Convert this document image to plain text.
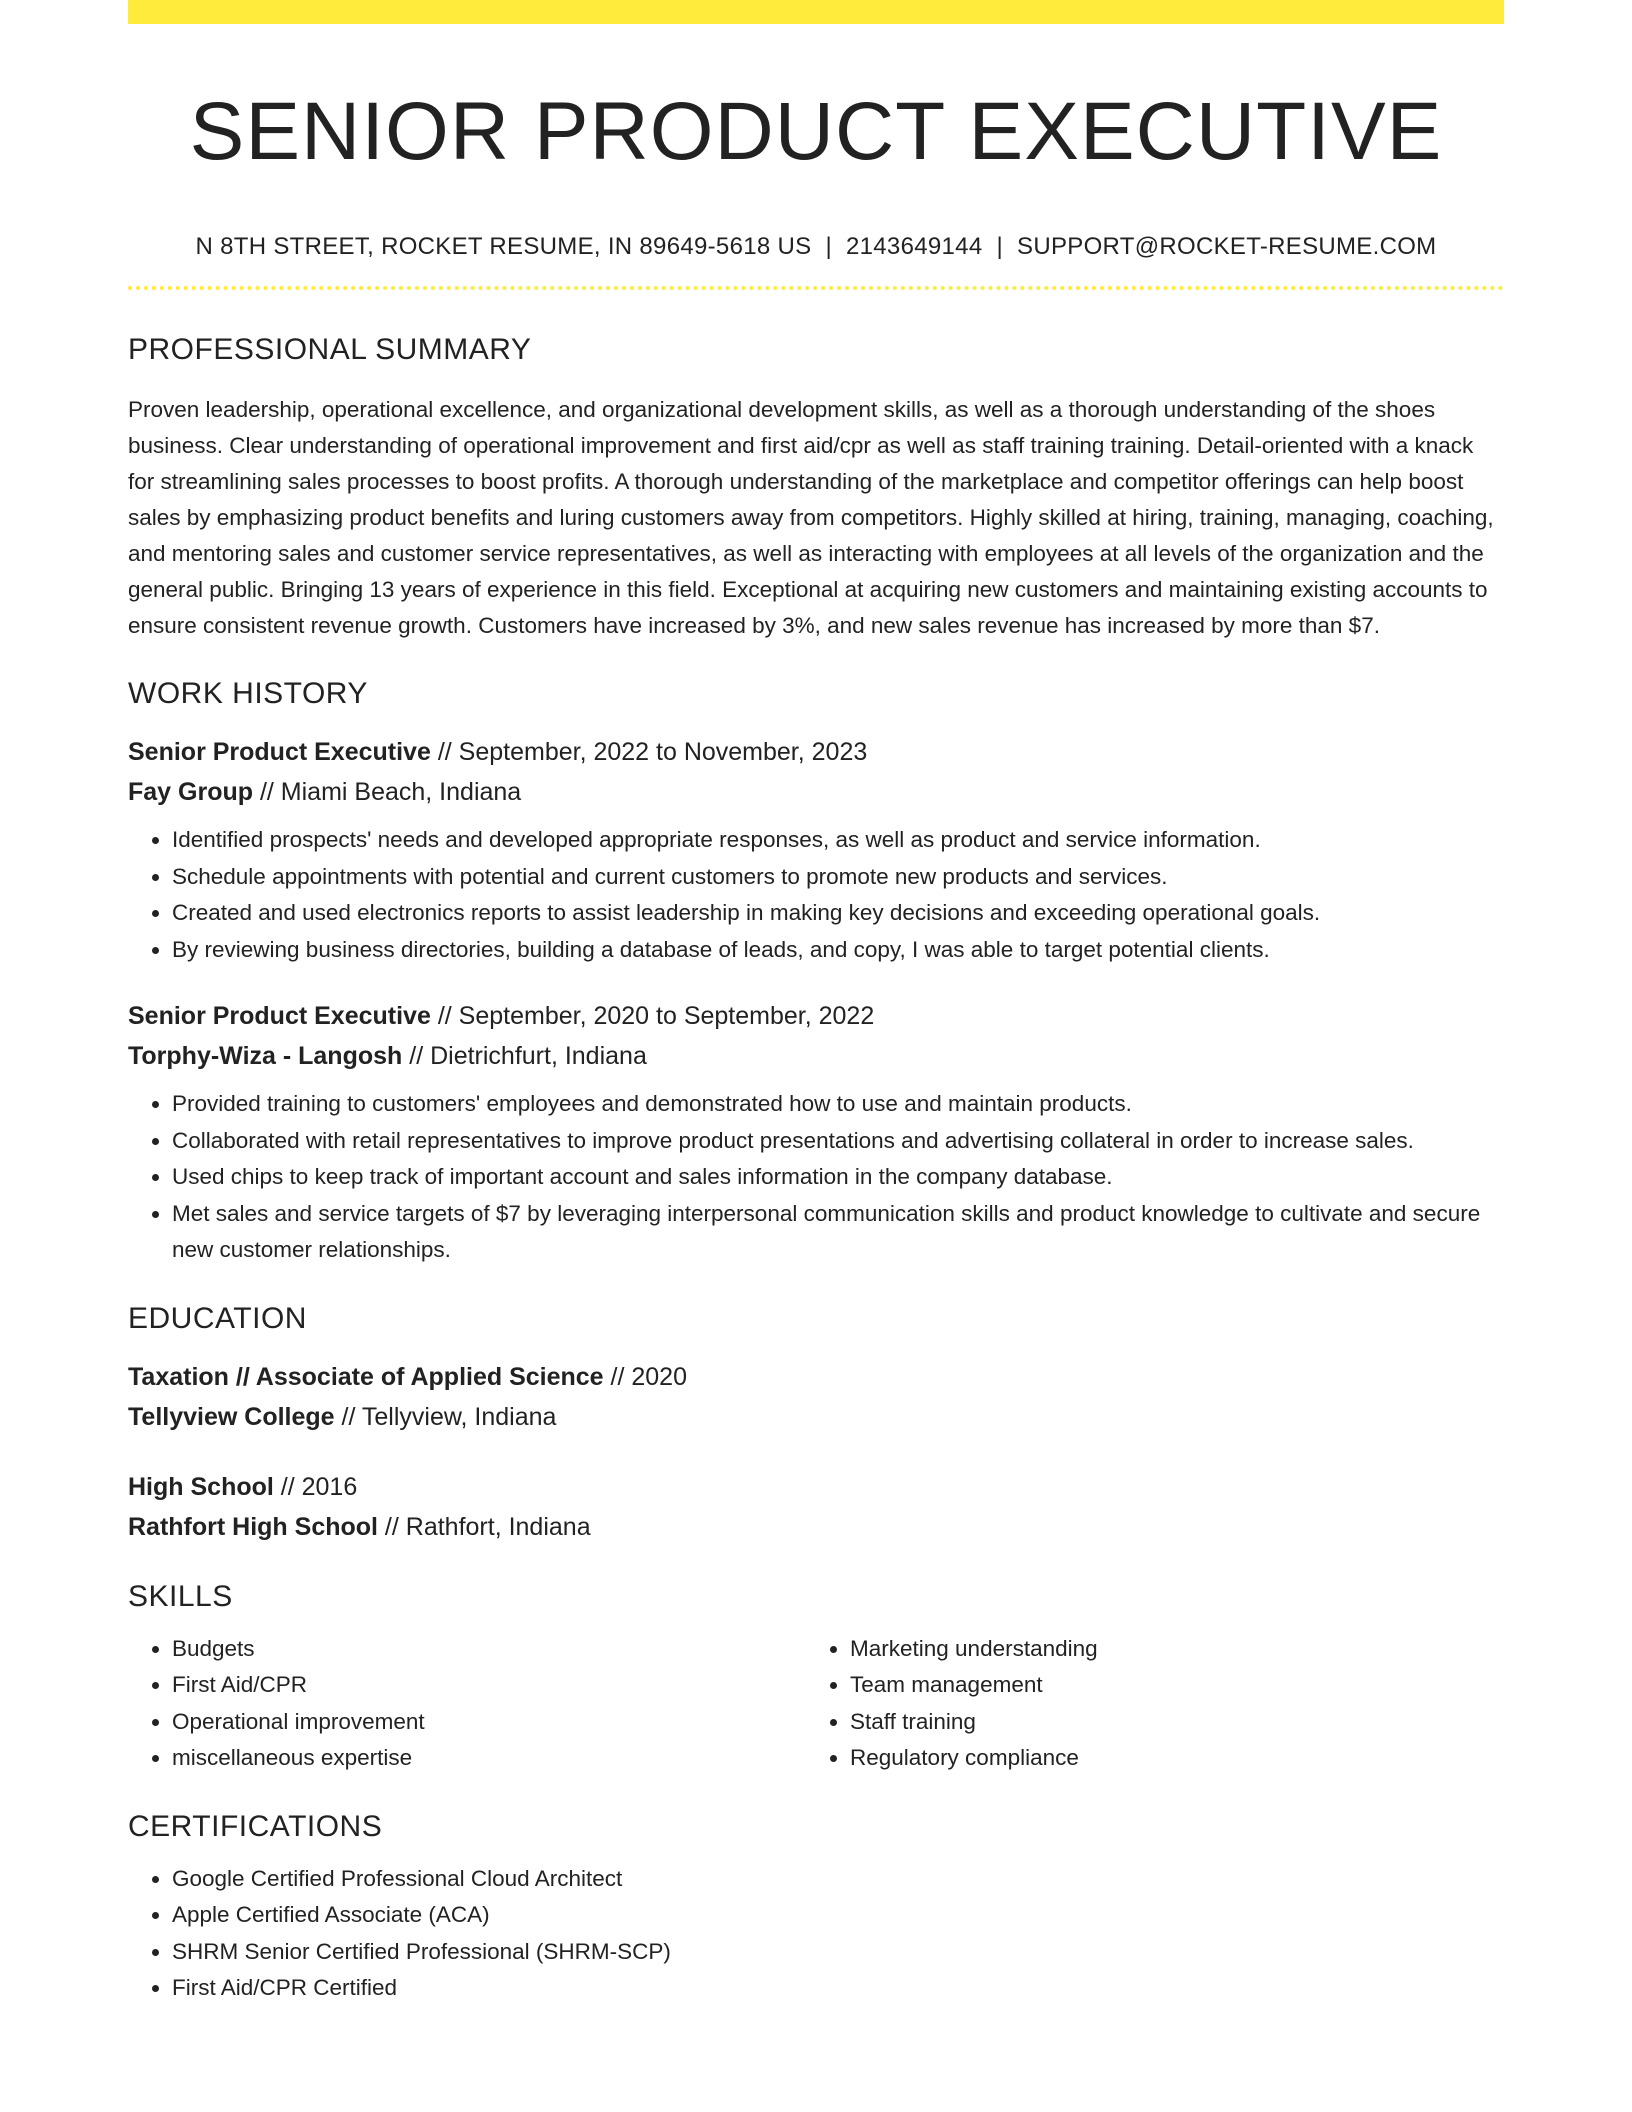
SENIOR PRODUCT EXECUTIVE
N 8TH STREET, ROCKET RESUME, IN 89649-5618 US | 2143649144 | SUPPORT@ROCKET-RESUME.COM
PROFESSIONAL SUMMARY
Proven leadership, operational excellence, and organizational development skills, as well as a thorough understanding of the shoes business. Clear understanding of operational improvement and first aid/cpr as well as staff training training. Detail-oriented with a knack for streamlining sales processes to boost profits. A thorough understanding of the marketplace and competitor offerings can help boost sales by emphasizing product benefits and luring customers away from competitors. Highly skilled at hiring, training, managing, coaching, and mentoring sales and customer service representatives, as well as interacting with employees at all levels of the organization and the general public. Bringing 13 years of experience in this field. Exceptional at acquiring new customers and maintaining existing accounts to ensure consistent revenue growth. Customers have increased by 3%, and new sales revenue has increased by more than $7.
WORK HISTORY
Senior Product Executive // September, 2022 to November, 2023
Fay Group // Miami Beach, Indiana
• Identified prospects' needs and developed appropriate responses, as well as product and service information.
• Schedule appointments with potential and current customers to promote new products and services.
• Created and used electronics reports to assist leadership in making key decisions and exceeding operational goals.
• By reviewing business directories, building a database of leads, and copy, I was able to target potential clients.
Senior Product Executive // September, 2020 to September, 2022
Torphy-Wiza - Langosh // Dietrichfurt, Indiana
• Provided training to customers' employees and demonstrated how to use and maintain products.
• Collaborated with retail representatives to improve product presentations and advertising collateral in order to increase sales.
• Used chips to keep track of important account and sales information in the company database.
• Met sales and service targets of $7 by leveraging interpersonal communication skills and product knowledge to cultivate and secure new customer relationships.
EDUCATION
Taxation // Associate of Applied Science // 2020
Tellyview College // Tellyview, Indiana
High School // 2016
Rathfort High School // Rathfort, Indiana
SKILLS
• Budgets
• First Aid/CPR
• Operational improvement
• miscellaneous expertise
• Marketing understanding
• Team management
• Staff training
• Regulatory compliance
CERTIFICATIONS
• Google Certified Professional Cloud Architect
• Apple Certified Associate (ACA)
• SHRM Senior Certified Professional (SHRM-SCP)
• First Aid/CPR Certified
